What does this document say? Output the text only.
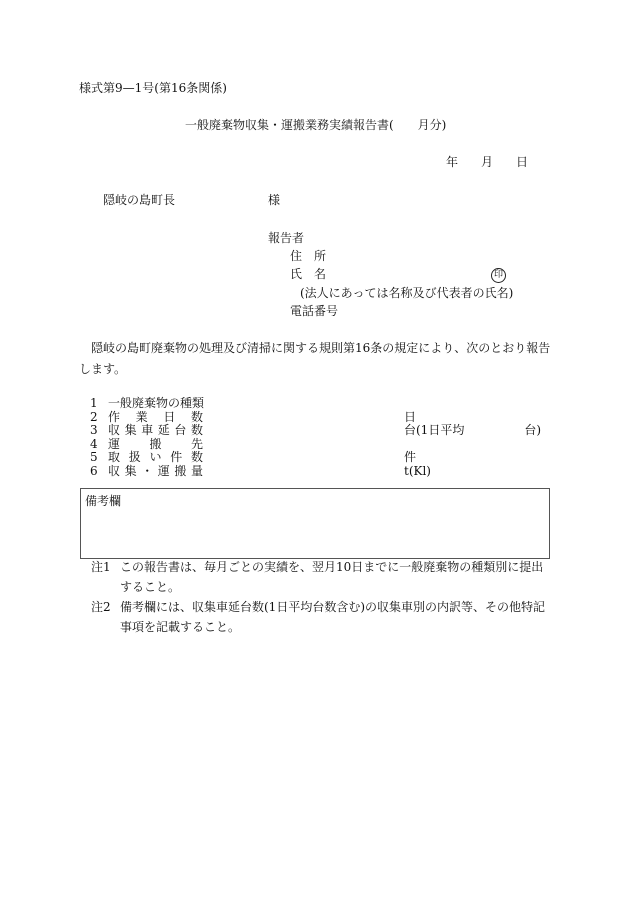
様式第9—1号(第16条関係)
一般廃棄物収集・運搬業務実績報告書(　　月分)
年 月 日
隠岐の島町長	様
報告者
住　所
氏　名	印
(法人にあっては名称及び代表者の氏名)
電話番号
隠岐の島町廃棄物の処理及び清掃に関する規則第16条の規定により、次のとおり報告します。
1 一般廃棄物の種類
2 作 業 日 数	日
3 収 集 車 延 台 数	台(1日平均　　　　　台)
4 運 搬 先
5 取 扱 い 件 数	件
6 収 集 ・ 運 搬 量	t(Kl)
備考欄
注1 この報告書は、毎月ごとの実績を、翌月10日までに一般廃棄物の種類別に提出すること。
注2 備考欄には、収集車延台数(1日平均台数含む)の収集車別の内訳等、その他特記事項を記載すること。
